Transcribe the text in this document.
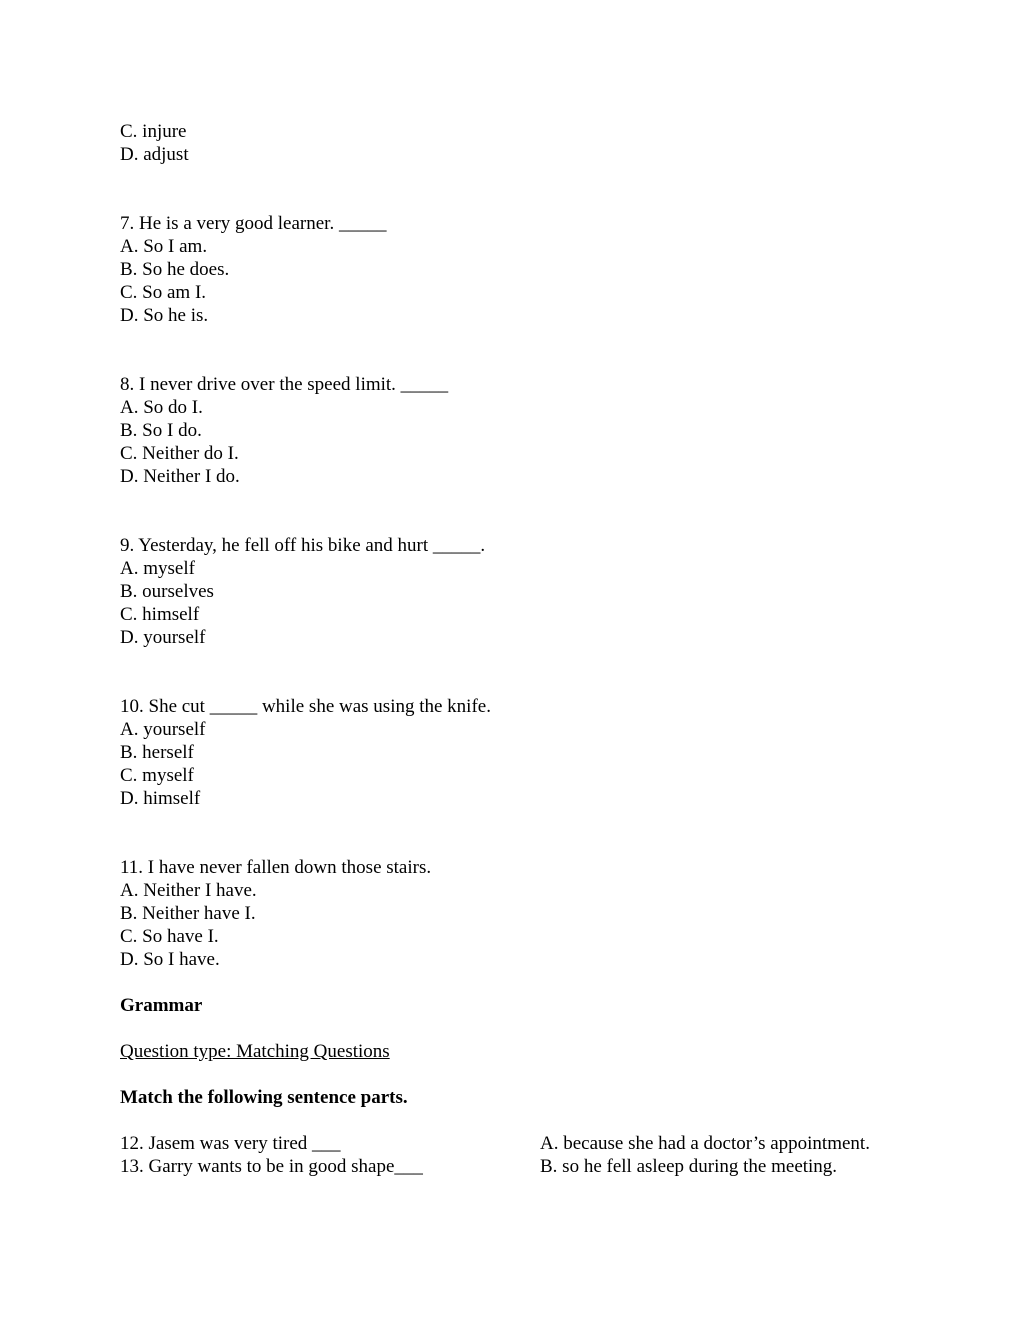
C. injure
D. adjust
7. He is a very good learner. _____
A. So I am.
B. So he does.
C. So am I.
D. So he is.
8. I never drive over the speed limit. _____
A. So do I.
B. So I do.
C. Neither do I.
D. Neither I do.
9. Yesterday, he fell off his bike and hurt _____.
A. myself
B. ourselves
C. himself
D. yourself
10. She cut _____ while she was using the knife.
A. yourself
B. herself
C. myself
D. himself
11. I have never fallen down those stairs.
A. Neither I have.
B. Neither have I.
C. So have I.
D. So I have.
Grammar
Question type: Matching Questions
Match the following sentence parts.
12. Jasem was very tired ___	A. because she had a doctor’s appointment.
13. Garry wants to be in good shape___	B. so he fell asleep during the meeting.
